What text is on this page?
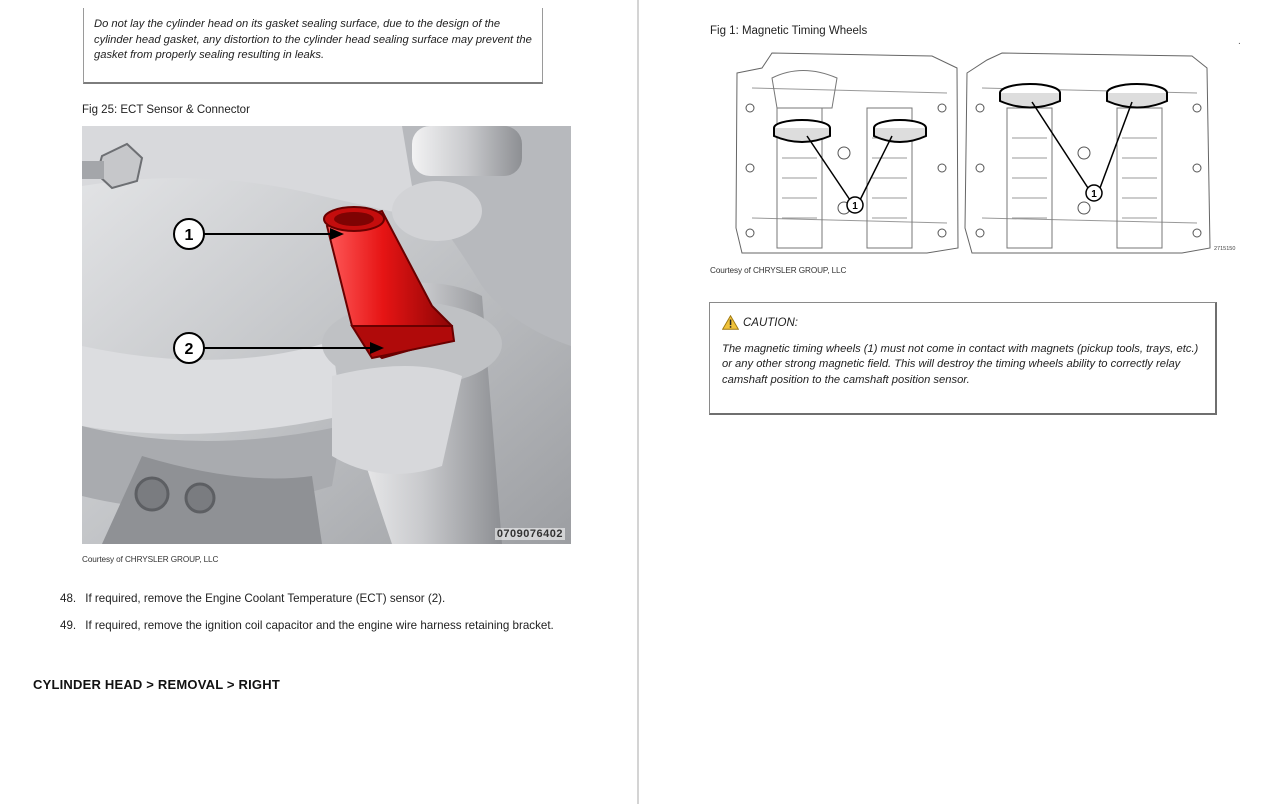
Do not lay the cylinder head on its gasket sealing surface, due to the design of the cylinder head gasket, any distortion to the cylinder head sealing surface may prevent the gasket from properly sealing resulting in leaks.
Fig 25: ECT Sensor & Connector
1
2
0709076402
Courtesy of CHRYSLER GROUP, LLC
48. If required, remove the Engine Coolant Temperature (ECT) sensor (2).
49. If required, remove the ignition coil capacitor and the engine wire harness retaining bracket.
CYLINDER HEAD > REMOVAL > RIGHT
.
Fig 1: Magnetic Timing Wheels
1
1
2715150
Courtesy of CHRYSLER GROUP, LLC
CAUTION:
The magnetic timing wheels (1) must not come in contact with magnets (pickup tools, trays, etc.) or any other strong magnetic field. This will destroy the timing wheels ability to correctly relay camshaft position to the camshaft position sensor.
